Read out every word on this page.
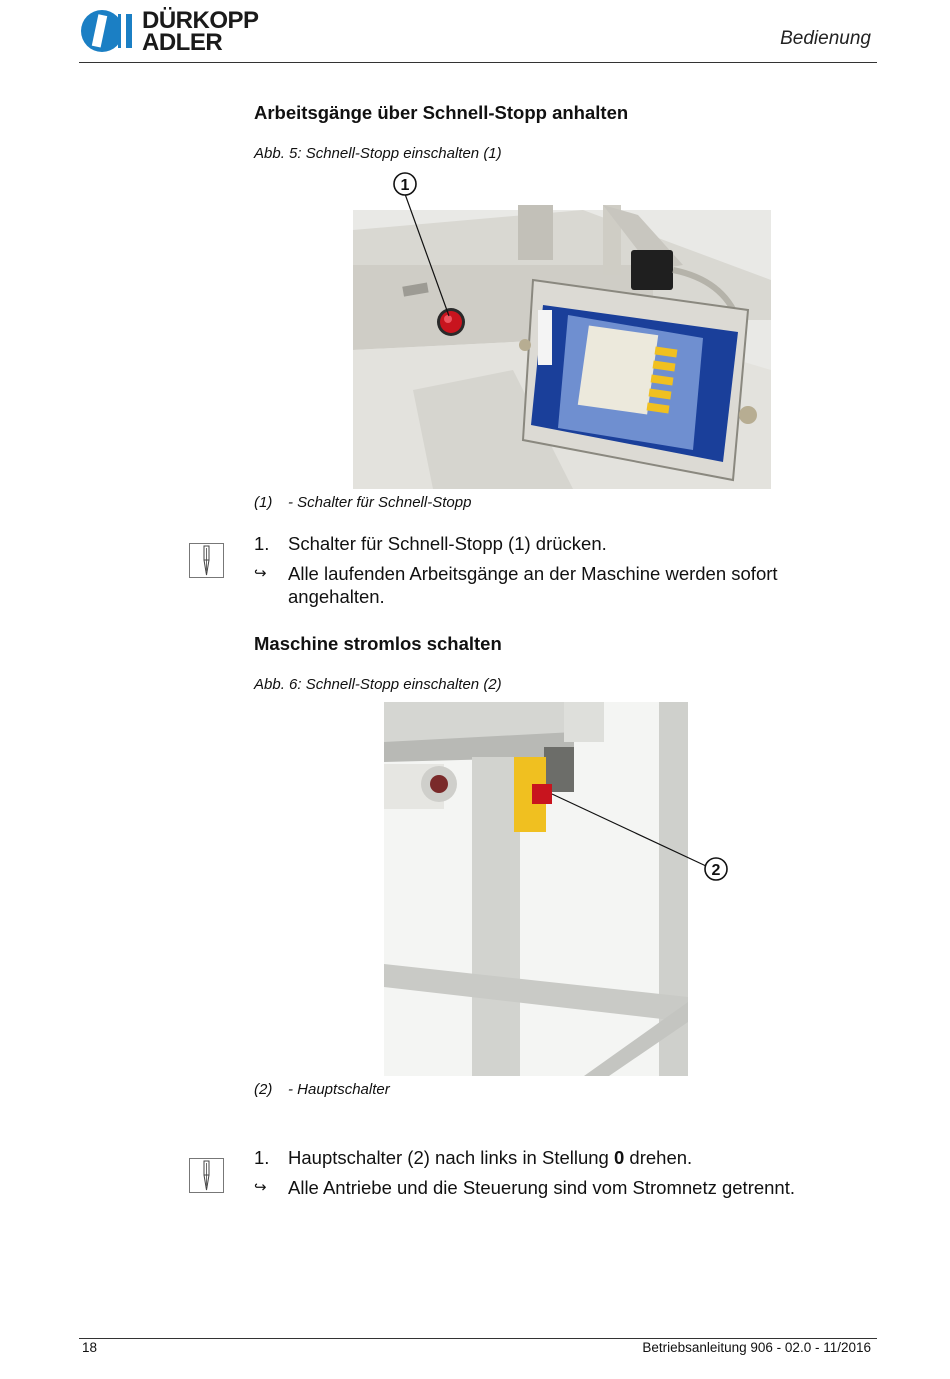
DÜRKOPP
ADLER	Bedienung
Arbeitsgänge über Schnell-Stopp anhalten
Abb. 5: Schnell-Stopp einschalten (1)
1
(1)	- Schalter für Schnell-Stopp
1.	Schalter für Schnell-Stopp (1) drücken.
↪	Alle laufenden Arbeitsgänge an der Maschine werden sofort angehalten.
Maschine stromlos schalten
Abb. 6: Schnell-Stopp einschalten (2)
2
(2)	- Hauptschalter
1.	Hauptschalter (2) nach links in Stellung 0 drehen.
↪	Alle Antriebe und die Steuerung sind vom Stromnetz getrennt.
18	Betriebsanleitung 906 - 02.0 - 11/2016
